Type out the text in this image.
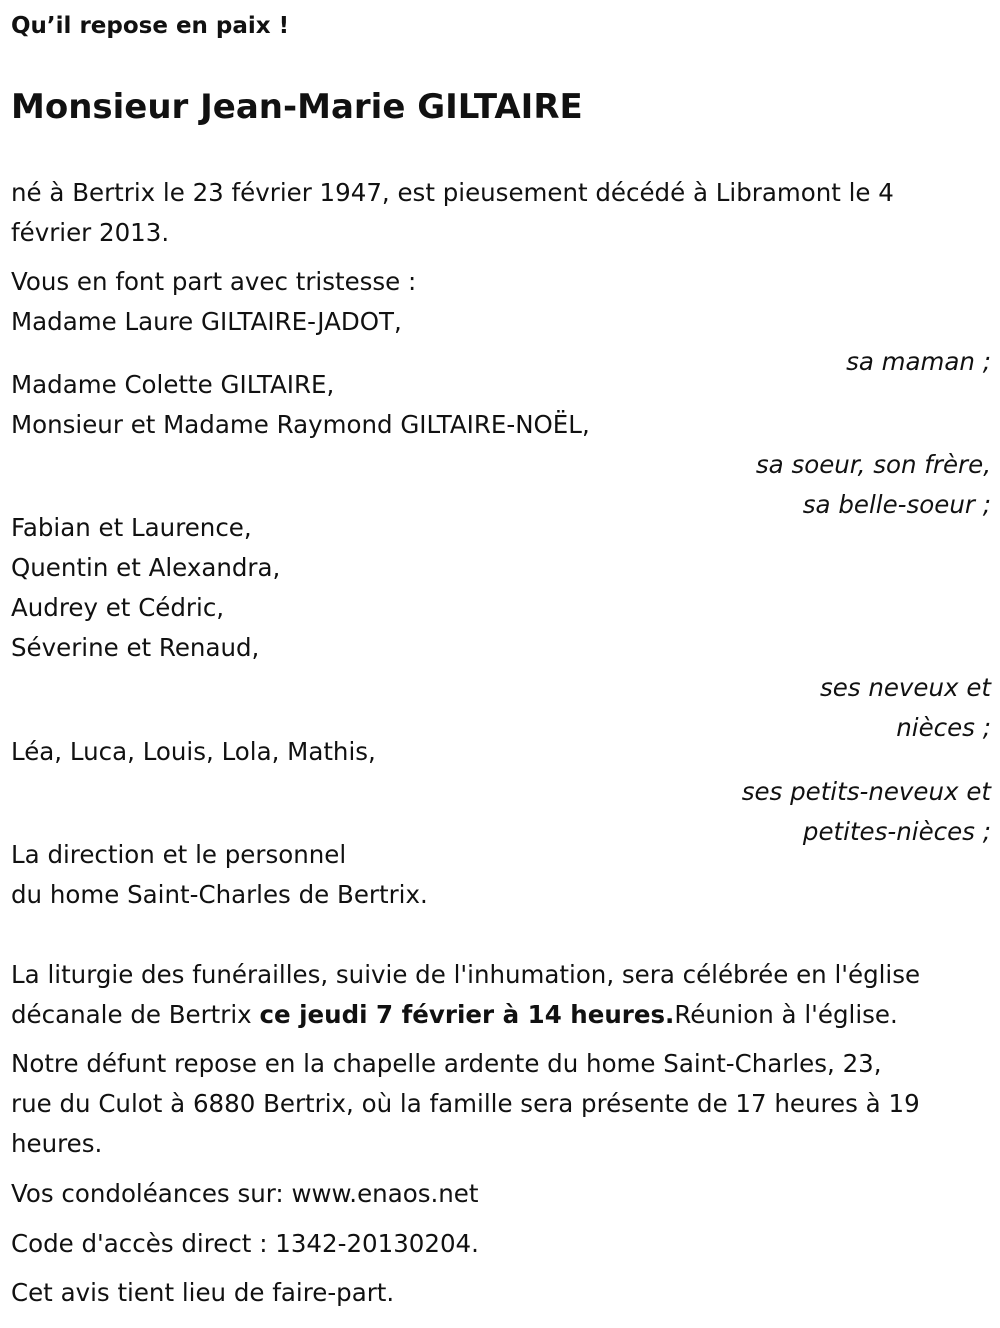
Qu’il repose en paix !
Monsieur Jean-Marie GILTAIRE
né à Bertrix le 23 février 1947, est pieusement décédé à Libramont le 4
février 2013.
Vous en font part avec tristesse :
Madame Laure GILTAIRE-JADOT,
sa maman ;
Madame Colette GILTAIRE,
Monsieur et Madame Raymond GILTAIRE-NOËL,
sa soeur, son frère,
sa belle-soeur ;
Fabian et Laurence,
Quentin et Alexandra,
Audrey et Cédric,
Séverine et Renaud,
ses neveux et
nièces ;
Léa, Luca, Louis, Lola, Mathis,
ses petits-neveux et
petites-nièces ;
La direction et le personnel
du home Saint-Charles de Bertrix.
La liturgie des funérailles, suivie de l'inhumation, sera célébrée en l'église
décanale de Bertrix ce jeudi 7 février à 14 heures.Réunion à l'église.
Notre défunt repose en la chapelle ardente du home Saint-Charles, 23,
rue du Culot à 6880 Bertrix, où la famille sera présente de 17 heures à 19
heures.
Vos condoléances sur: www.enaos.net
Code d'accès direct : 1342-20130204.
Cet avis tient lieu de faire-part.
